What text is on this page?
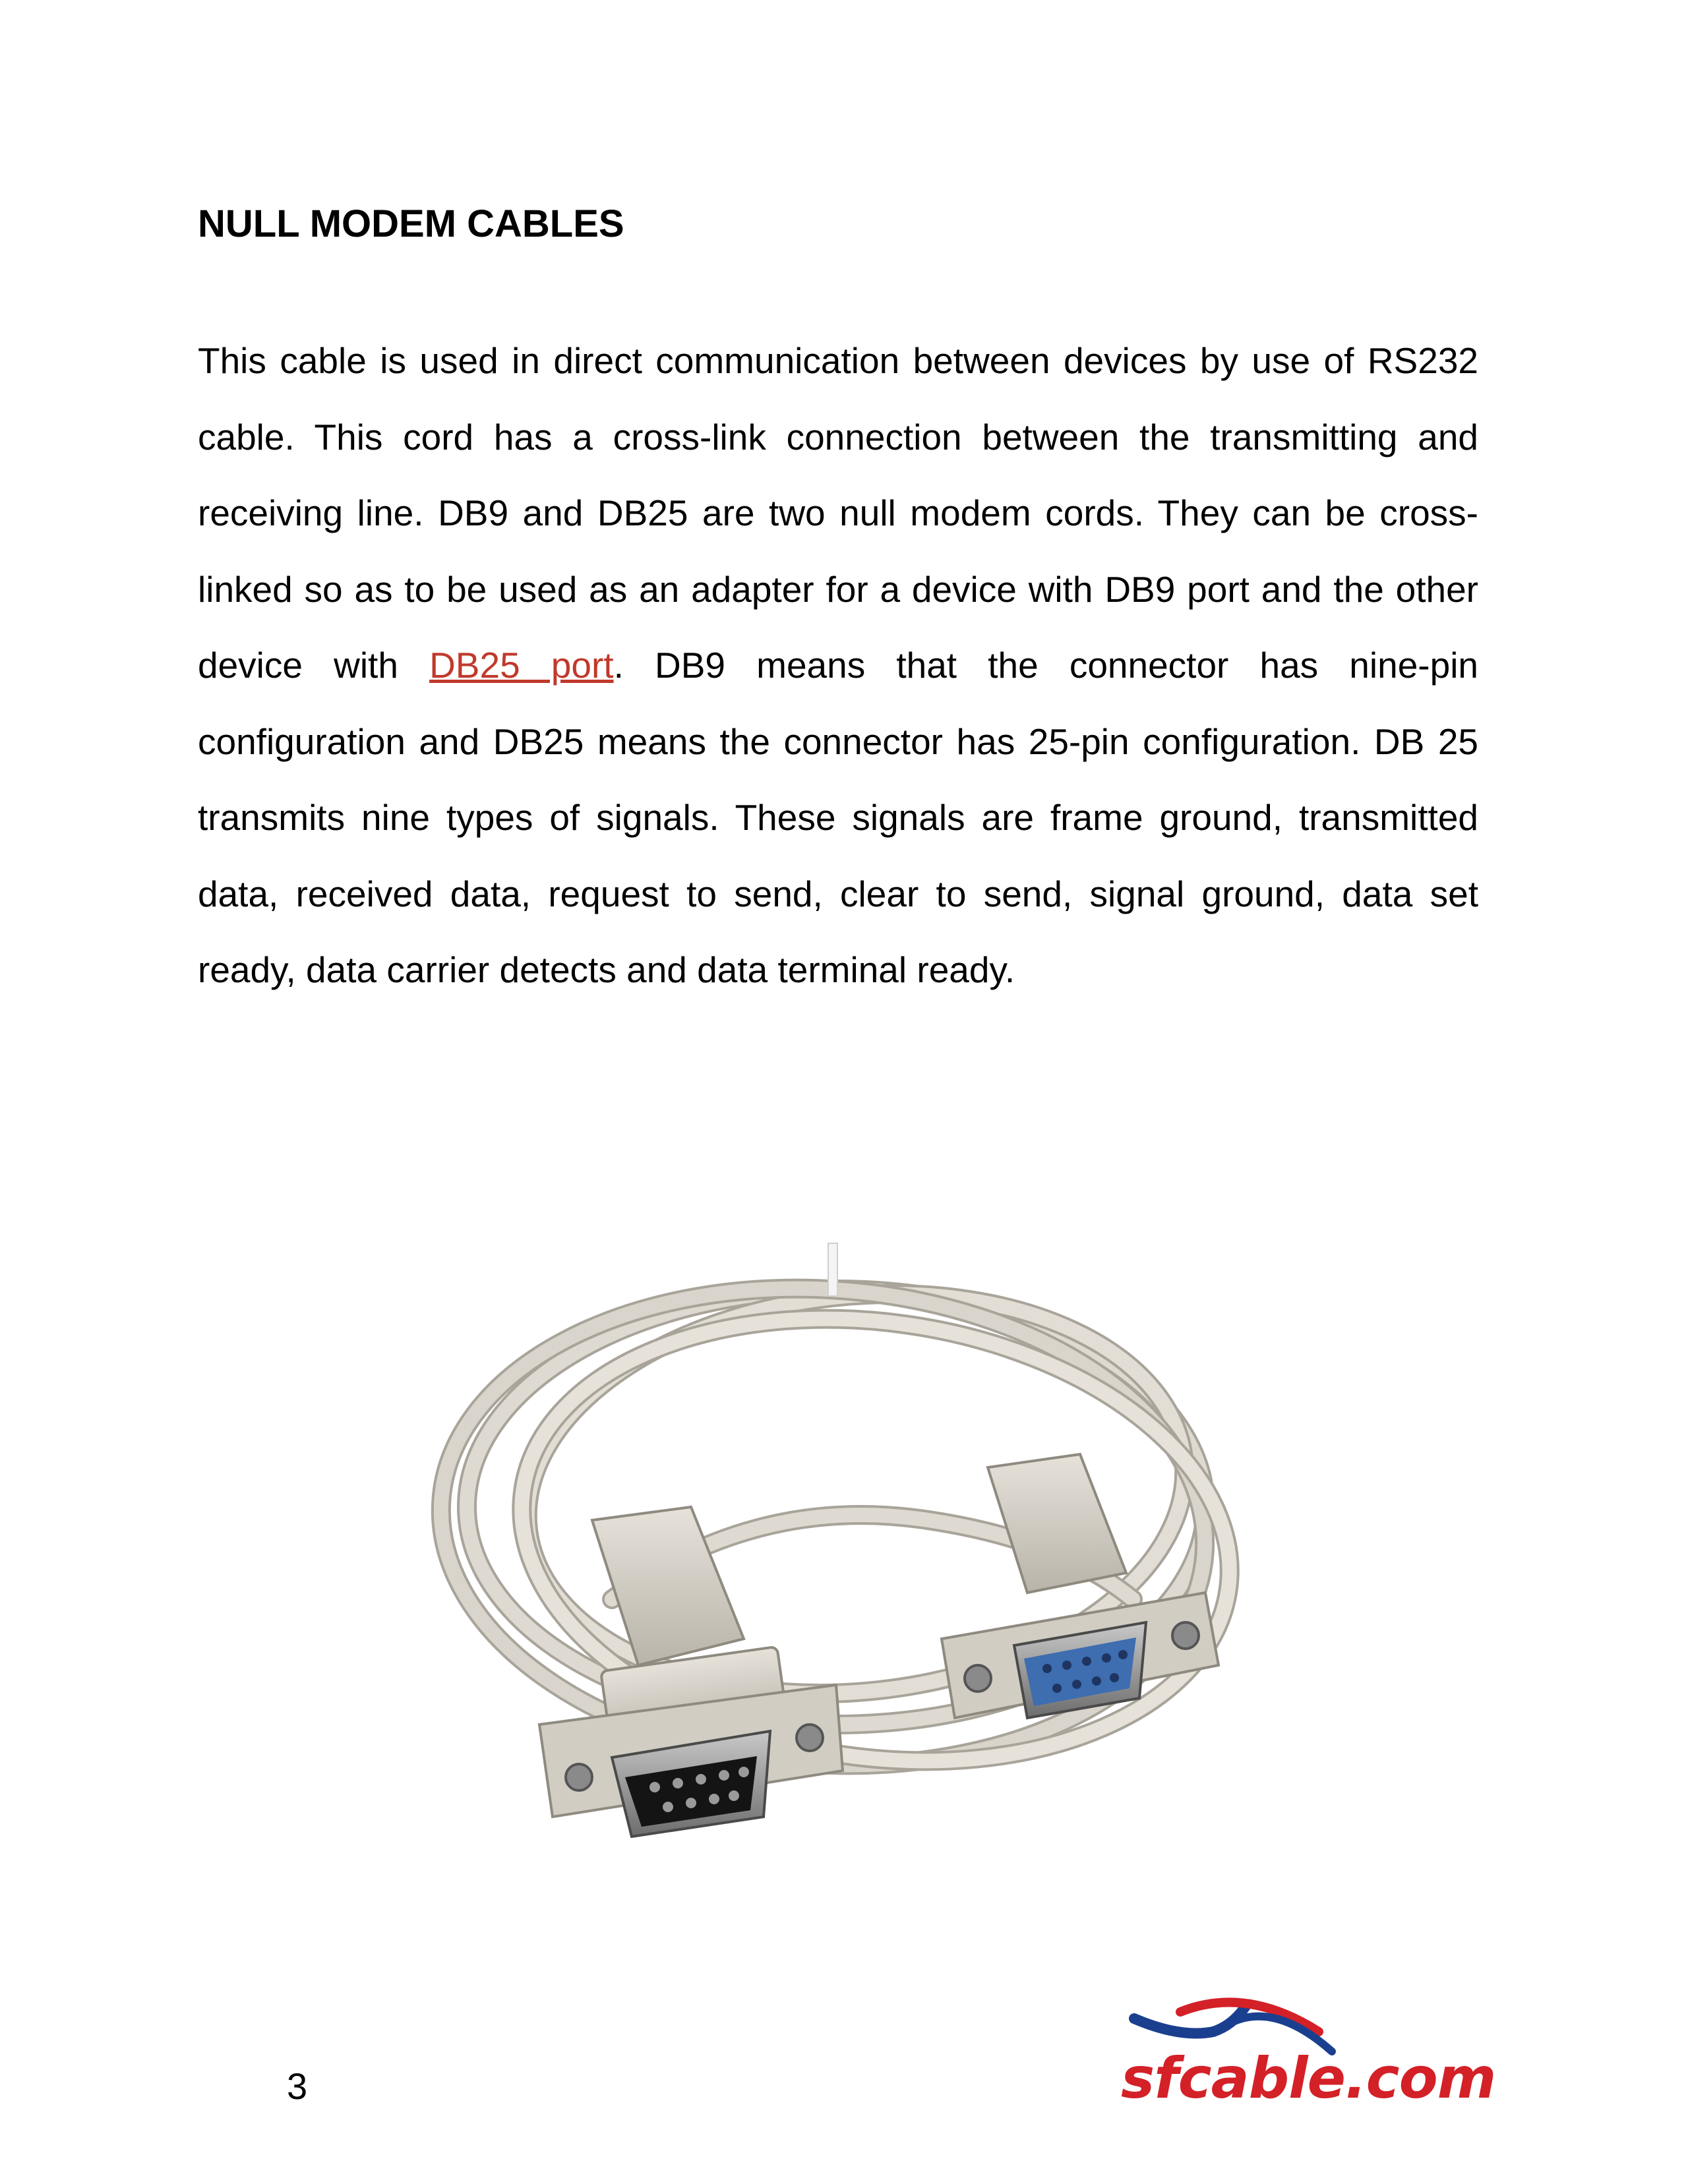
NULL MODEM CABLES

This cable is used in direct communication between devices by use of RS232 cable. This cord has a cross-link connection between the transmitting and receiving line. DB9 and DB25 are two null modem cords. They can be cross-linked so as to be used as an adapter for a device with DB9 port and the other device with DB25 port. DB9 means that the connector has nine-pin configuration and DB25 means the connector has 25-pin configuration. DB 25 transmits nine types of signals. These signals are frame ground, transmitted data, received data, request to send, clear to send, signal ground, data set ready, data carrier detects and data terminal ready.

3	sfcable.com
